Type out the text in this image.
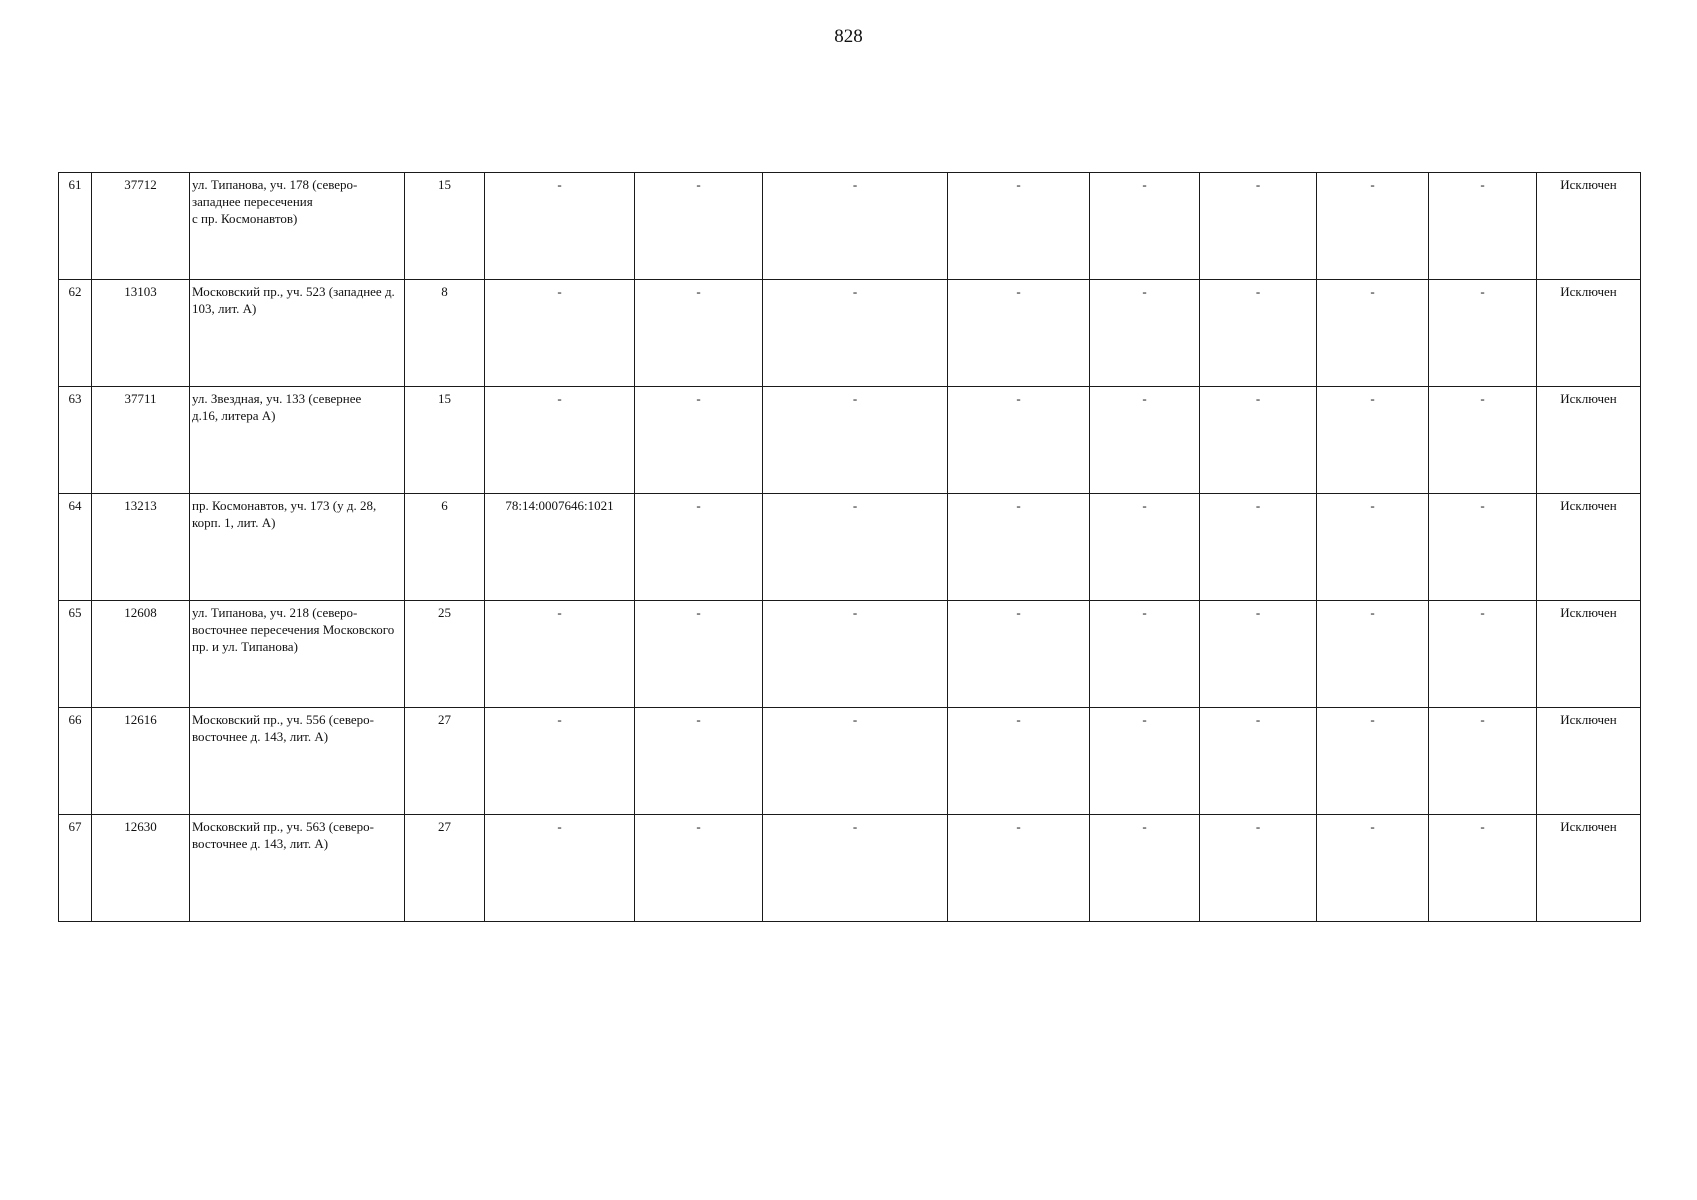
828
61	37712	ул. Типанова, уч. 178 (северо-
западнее пересечения
с пр. Космонавтов)	15	-	-	-	-	-	-	-	-	Исключен
62	13103	Московский пр., уч. 523 (западнее д.
103, лит. А)	8	-	-	-	-	-	-	-	-	Исключен
63	37711	ул. Звездная, уч. 133 (севернее
д.16, литера А)	15	-	-	-	-	-	-	-	-	Исключен
64	13213	пр. Космонавтов, уч. 173 (у д. 28,
корп. 1, лит. А)	6	78:14:0007646:1021	-	-	-	-	-	-	-	Исключен
65	12608	ул. Типанова, уч. 218 (северо-
восточнее пересечения Московского
пр. и ул. Типанова)	25	-	-	-	-	-	-	-	-	Исключен
66	12616	Московский пр., уч. 556 (северо-
восточнее д. 143, лит. А)	27	-	-	-	-	-	-	-	-	Исключен
67	12630	Московский пр., уч. 563 (северо-
восточнее д. 143, лит. А)	27	-	-	-	-	-	-	-	-	Исключен
